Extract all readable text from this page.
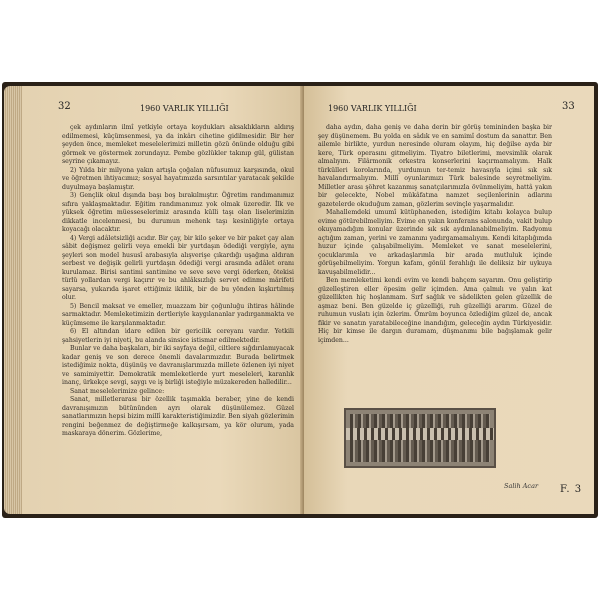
32	1960 VARLIK YILLIĞI

çek aydınların ilmî yetkiyle ortaya koydukları aksaklıkların aldırış edilmemesi, küçümsenmesi, ya da inkârı cihetine gidilmesidir. Bir her şeyden önce, memleket meselelerimizi milletin gözü önünde olduğu gibi görmek ve göstermek zorundayız. Pembe gözlükler takınıp gül, gülistan seyrine çıkamayız.

2) Yılda bir milyona yakın artışla çoğalan nüfusumuz karşısında, okul ve öğretmen ihtiyacımız; sosyal hayatımızda sarsıntılar yaratacak şekilde duyulmaya başlamıştır.

3) Gençlik okul dışında başı boş bırakılmıştır. Öğretim randımanımız sıfıra yaklaşmaktadır. Eğitim randımanımız yok olmak üzeredir. İlk ve yüksek öğretim müesseselerimiz arasında külli taşı olan liselerimizin dikkatle incelenmesi, bu durumun mehenk taşı kesinliğiyle ortaya koyacağı olacaktır.

4) Vergi adâletsizliği acıdır. Bir çay, bir kilo şeker ve bir paket çay alan sâbit değişmez gelirli veya emekli bir yurtdaşın ödediği vergiyle, aynı şeyleri son model hususî arabasıyla alışverişe çıkardığı uşağına aldıran serbest ve değişik gelirli yurtdaşın ödediği vergi arasında adâlet oranı kurulamaz. Birisi santimi santimine ve seve seve vergi öderken, ötekisi türlü yollardan vergi kaçırır ve bu ahlâksızlığı servet edinme mârifeti sayarsa, yukarıda işaret ettiğimiz iklilik, bir de bu yönden kışkırtılmış olur.

5) Bencil maksat ve emeller, muazzam bir çoğunluğu ihtiras hâlinde sarmaktadır. Memleketimizin dertleriyle kaygılananlar yadırganmakta ve küçümseme ile karşılanmaktadır.

6) El altından idare edilen bir gericilik cereyanı vardır. Yetkili şahsiyetlerin iyi niyeti, bu alanda sinsice istismar edilmektedir.

Bunlar ve daha başkaları, bir iki sayfaya değil, ciltlere sığdırılamıyacak kadar geniş ve son derece önemli davalarımızdır. Burada belirtmek istediğimiz nokta, düşünüş ve davranışlarımızda millete özlenen iyi niyet ve samimiyettir. Demokratik memleketlerde yurt meseleleri, karanlık inanç, ürkekçe sevgi, saygı ve iş birliği isteğiyle müzakereden halledilir...

Sanat meselelerimize gelince:

Sanat, milletlerarası bir özellik taşımakla beraber, yine de kendi davranışımızın bütününden ayrı olarak düşünülemez. Güzel sanatlarımızın hepsi bizim millî karakteristiğimizdir. Ben siyah gözlerimin rengini beğenmez de değiştirmeğe kalkışırsam, ya kör olurum, yada maskaraya dönerim. Gözlerime,

1960 VARLIK YILLIĞI	33

daha aydın, daha geniş ve daha derin bir görüş temininden başka bir şey düşünemem. Bu yolda en sâdık ve en samimî dostum da sanattır. Ben ailemle birlikte, yurdun neresinde oluram olayım, hiç değilse ayda bir kere, Türk operasını gitmeliyim. Tiyatro biletlerimi, mevsimlik olarak almalıyım. Filârmonik orkestra konserlerini kaçırmamalıyım. Halk türkülleri korolarında, yurdumun ter-temiz havasıyla içimi sık sık havalandırmalıyım. Millî oyunlarımızı Türk balesinde seyretmeliyim. Milletler arası şöhret kazanmış sanatçılarımızla övünmeliyim, hattâ yakın bir gelecekte, Nobel mükâfatına namzet seçilenlerinin adlarını gazetelerde okuduğum zaman, gözlerim sevinçle yaşarmalıdır.

Mahallemdeki umumî kütüphaneden, istediğim kitabı kolayca bulup evime götürebilmeliyim. Evime en yakın konferans salonunda, vakit bulup okuyamadığım konular üzerinde sık sık aydınlanabilmeliyim. Radyomu açtığım zaman, yerini ve zamanını yadırgamamalıyım. Kendi kitaplığımda huzur içinde çalışabilmeliyim. Memleket ve sanat meselelerini, çocuklarımla ve arkadaşlarımla bir arada mutluluk içinde görüşebilmeliyim. Yorgun kafam, gönül ferahlığı ile deliksiz bir uykuya kavuşabilmelidir...

Ben memleketimi kendi evim ve kendi bahçem sayarım. Onu geliştirip güzelleştiren eller öpesim gelir içimden. Ama çalmılı ve yalın kat güzellikten hiç hoşlanmam. Sırf sağlık ve sâdelikten gelen güzellik de aşmaz beni. Ben güzelde iç güzelliği, ruh güzelliği ararım. Güzel de ruhumun vuslatı için özlerim. Ömrüm boyunca özlediğim güzel de, ancak fikir ve sanatın yaratabileceğine inandığım, geleceğin aydın Türkiyesidir. Hiç bir kimse ile dargın duramam, düşmanımı bile bağışlamak gelir içimden...

Salih Acar F. 3
